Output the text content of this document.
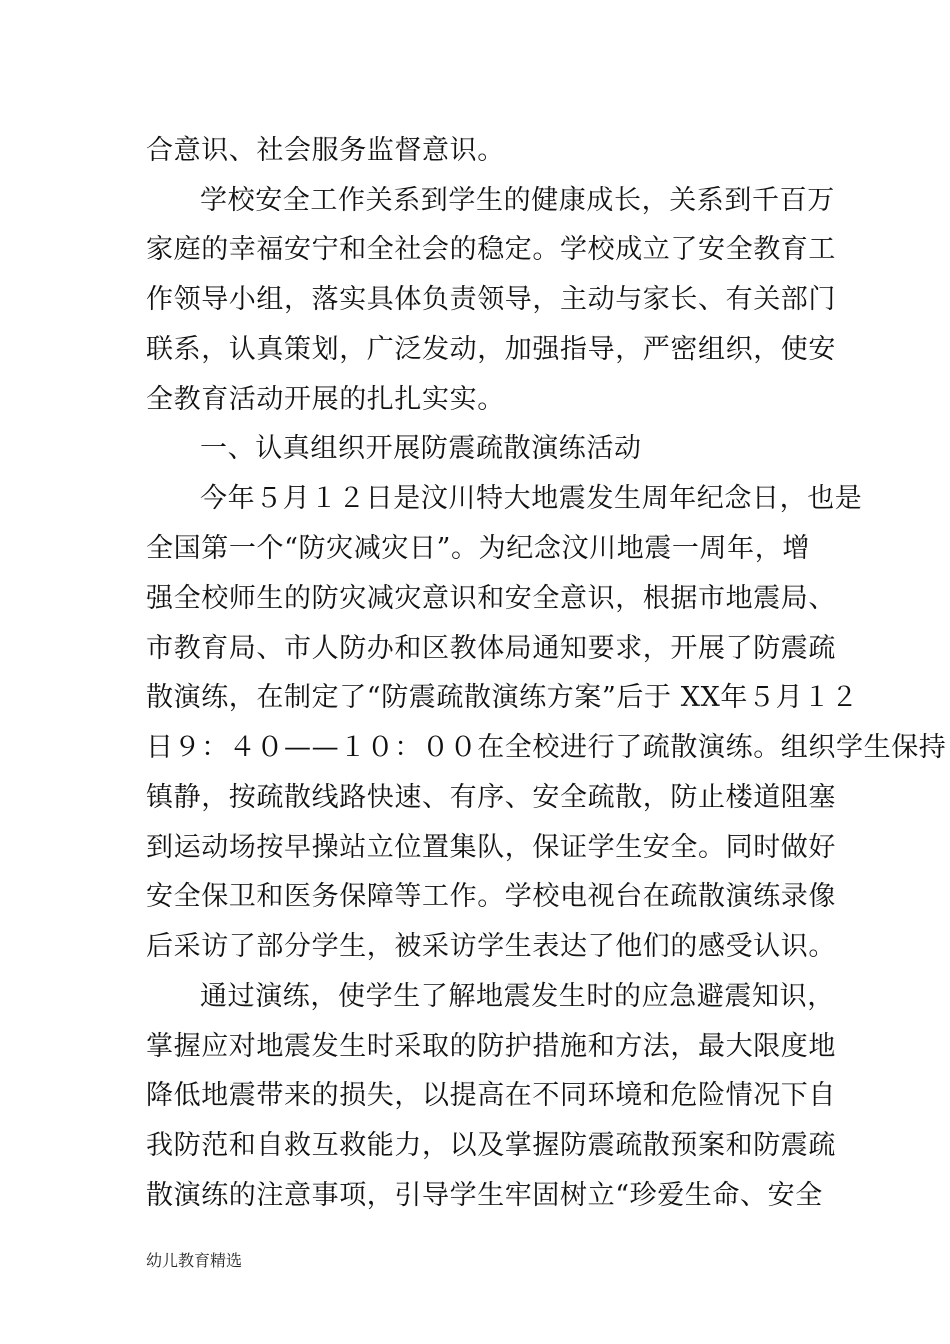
合意识、社会服务监督意识。
学校安全工作关系到学生的健康成长，关系到千百万
家庭的幸福安宁和全社会的稳定。学校成立了安全教育工
作领导小组，落实具体负责领导，主动与家长、有关部门
联系，认真策划，广泛发动，加强指导，严密组织，使安
全教育活动开展的扎扎实实。
一、认真组织开展防震疏散演练活动
今年５月１２日是汶川特大地震发生周年纪念日，也是
全国第一个“防灾减灾日”。为纪念汶川地震一周年，增
强全校师生的防灾减灾意识和安全意识，根据市地震局、
市教育局、市人防办和区教体局通知要求，开展了防震疏
散演练，在制定了“防震疏散演练方案”后于 XX年５月１２
日９：４０——１０：００在全校进行了疏散演练。组织学生保持
镇静，按疏散线路快速、有序、安全疏散，防止楼道阻塞
到运动场按早操站立位置集队，保证学生安全。同时做好
安全保卫和医务保障等工作。学校电视台在疏散演练录像
后采访了部分学生，被采访学生表达了他们的感受认识。
通过演练，使学生了解地震发生时的应急避震知识，
掌握应对地震发生时采取的防护措施和方法，最大限度地
降低地震带来的损失，以提高在不同环境和危险情况下自
我防范和自救互救能力，以及掌握防震疏散预案和防震疏
散演练的注意事项，引导学生牢固树立“珍爱生命、安全
幼儿教育精选
